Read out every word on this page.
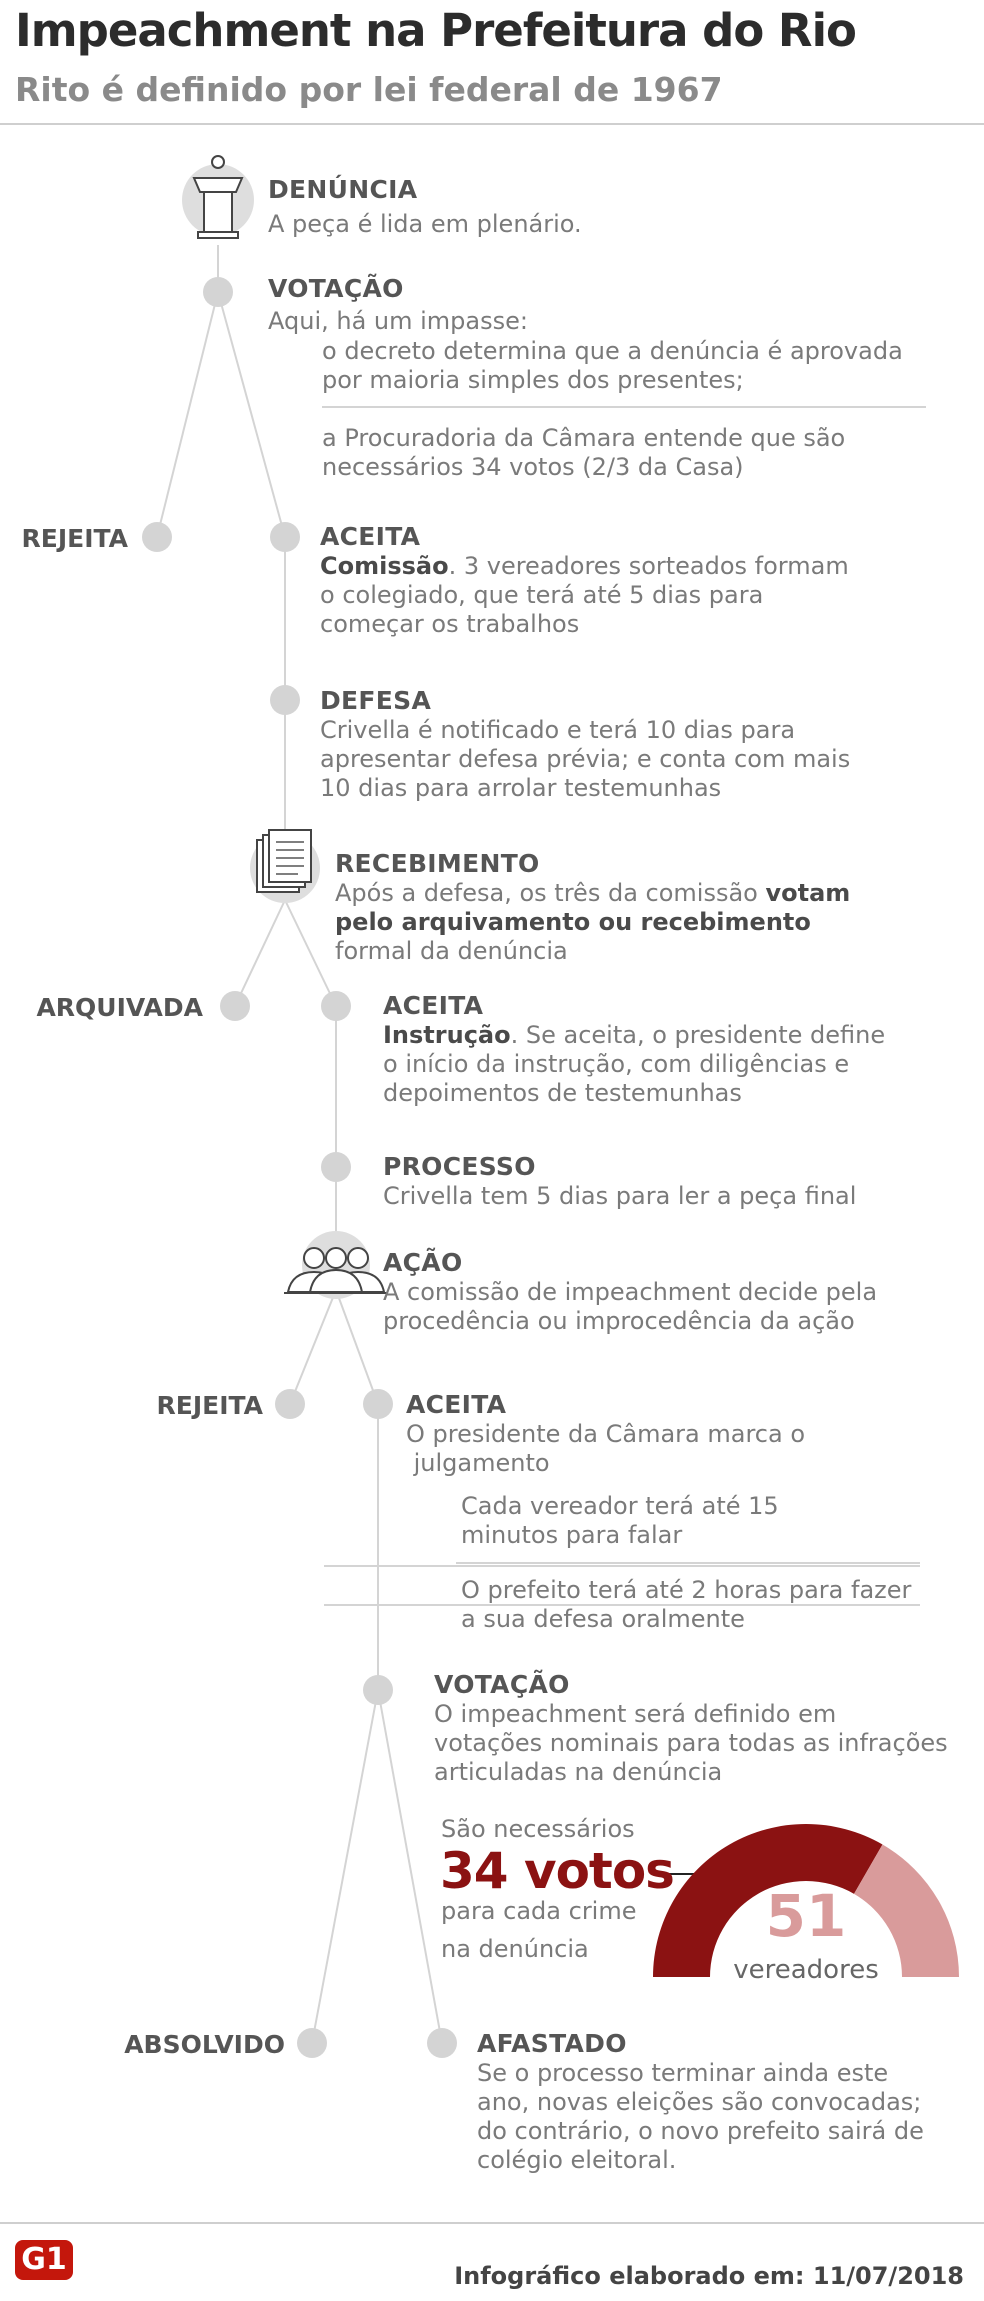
Impeachment na Prefeitura do Rio
Rito é definido por lei federal de 1967
DENÚNCIA
A peça é lida em plenário.
VOTAÇÃO
Aqui, há um impasse:
o decreto determina que a denúncia é aprovada
por maioria simples dos presentes;
a Procuradoria da Câmara entende que são
necessários 34 votos (2/3 da Casa)
REJEITA	ACEITA
Comissão. 3 vereadores sorteados formam
o colegiado, que terá até 5 dias para
começar os trabalhos
DEFESA
Crivella é notificado e terá 10 dias para
apresentar defesa prévia; e conta com mais
10 dias para arrolar testemunhas
RECEBIMENTO
Após a defesa, os três da comissão votam
pelo arquivamento ou recebimento
formal da denúncia
ARQUIVADA	ACEITA
Instrução. Se aceita, o presidente define
o início da instrução, com diligências e
depoimentos de testemunhas
PROCESSO
Crivella tem 5 dias para ler a peça final
AÇÃO
A comissão de impeachment decide pela
procedência ou improcedência da ação
REJEITA	ACEITA
O presidente da Câmara marca o
julgamento
Cada vereador terá até 15
minutos para falar
O prefeito terá até 2 horas para fazer
a sua defesa oralmente
VOTAÇÃO
O impeachment será definido em
votações nominais para todas as infrações
articuladas na denúncia
São necessários
34 votos
para cada crime
na denúncia	51
vereadores
ABSOLVIDO	AFASTADO
Se o processo terminar ainda este
ano, novas eleições são convocadas;
do contrário, o novo prefeito sairá de
colégio eleitoral.
G1	Infográfico elaborado em: 11/07/2018
